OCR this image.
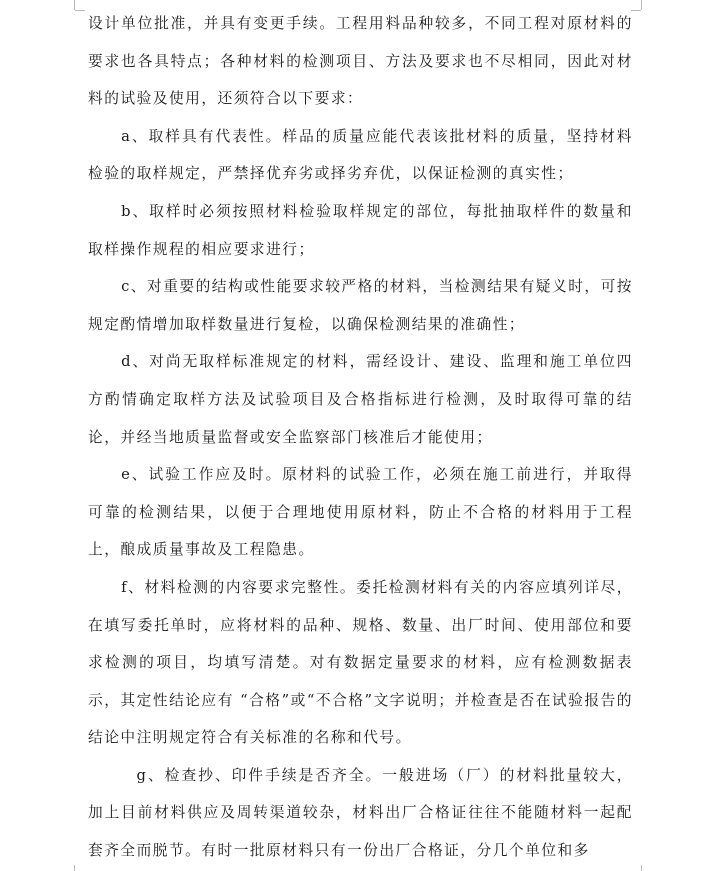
设计单位批准，并具有变更手续。工程用料品种较多，不同工程对原材料的要求也各具特点；各种材料的检测项目、方法及要求也不尽相同，因此对材料的试验及使用，还须符合以下要求：

a、取样具有代表性。样品的质量应能代表该批材料的质量，坚持材料检验的取样规定，严禁择优弃劣或择劣弃优，以保证检测的真实性；

b、取样时必须按照材料检验取样规定的部位，每批抽取样件的数量和取样操作规程的相应要求进行；

c、对重要的结构或性能要求较严格的材料，当检测结果有疑义时，可按规定酌情增加取样数量进行复检，以确保检测结果的准确性；

d、对尚无取样标准规定的材料，需经设计、建设、监理和施工单位四方酌情确定取样方法及试验项目及合格指标进行检测，及时取得可靠的结论，并经当地质量监督或安全监察部门核准后才能使用；

e、试验工作应及时。原材料的试验工作，必须在施工前进行，并取得可靠的检测结果，以便于合理地使用原材料，防止不合格的材料用于工程上，酿成质量事故及工程隐患。

f、材料检测的内容要求完整性。委托检测材料有关的内容应填列详尽，在填写委托单时，应将材料的品种、规格、数量、出厂时间、使用部位和要求检测的项目，均填写清楚。对有数据定量要求的材料，应有检测数据表示，其定性结论应有 “合格”或“不合格”文字说明；并检查是否在试验报告的结论中注明规定符合有关标准的名称和代号。

g、检查抄、印件手续是否齐全。一般进场（厂）的材料批量较大，加上目前材料供应及周转渠道较杂，材料出厂合格证往往不能随材料一起配套齐全而脱节。有时一批原材料只有一份出厂合格证，分几个单位和多
